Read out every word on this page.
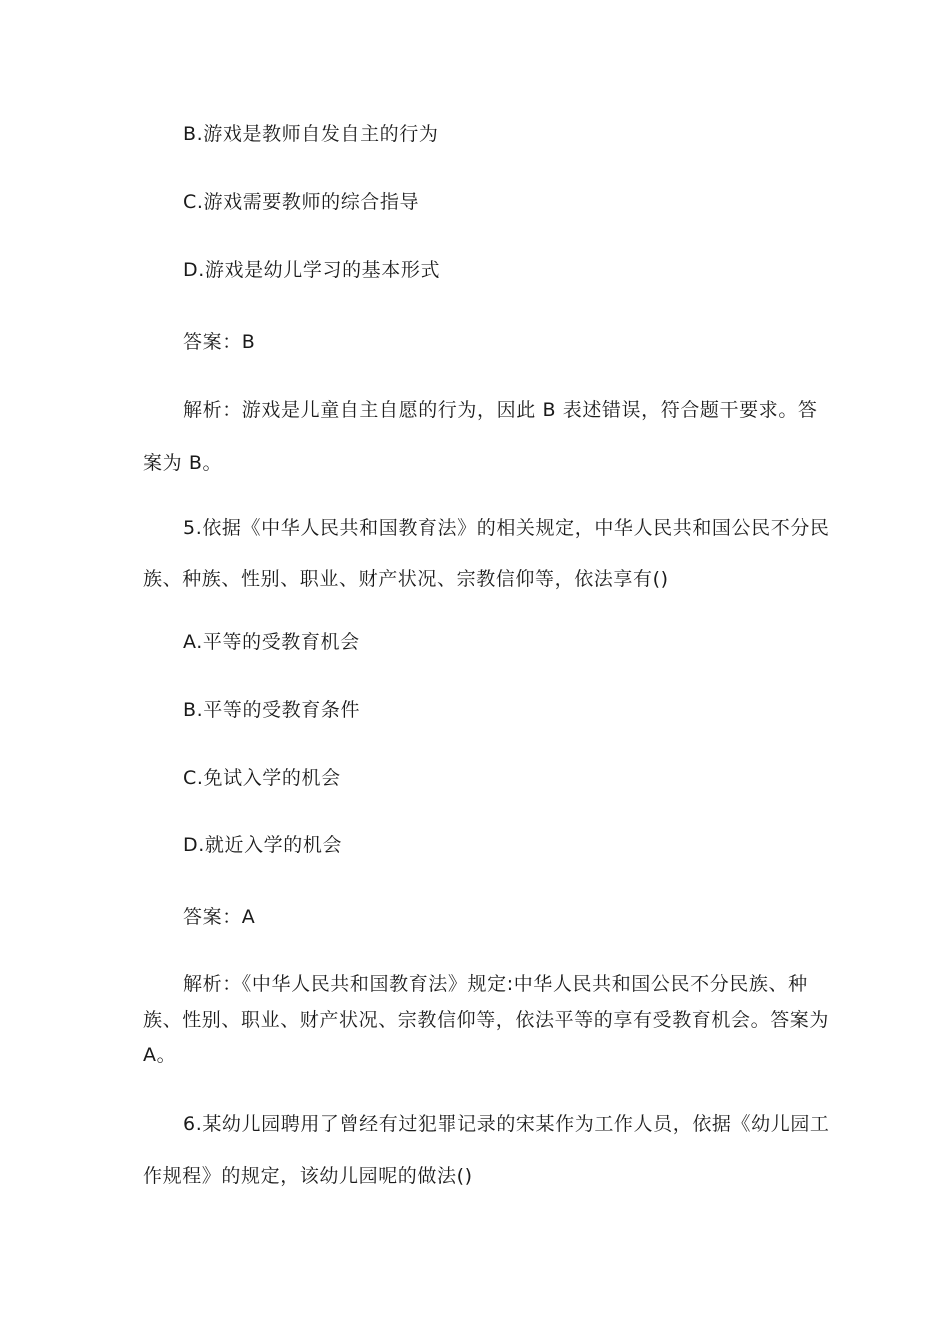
B.游戏是教师自发自主的行为
C.游戏需要教师的综合指导
D.游戏是幼儿学习的基本形式
答案：B
解析：游戏是儿童自主自愿的行为，因此 B 表述错误，符合题干要求。答
案为 B。
5.依据《中华人民共和国教育法》的相关规定，中华人民共和国公民不分民
族、种族、性别、职业、财产状况、宗教信仰等，依法享有()
A.平等的受教育机会
B.平等的受教育条件
C.免试入学的机会
D.就近入学的机会
答案：A
解析：《中华人民共和国教育法》规定:中华人民共和国公民不分民族、种
族、性别、职业、财产状况、宗教信仰等，依法平等的享有受教育机会。答案为
A。
6.某幼儿园聘用了曾经有过犯罪记录的宋某作为工作人员，依据《幼儿园工
作规程》的规定，该幼儿园呢的做法()
